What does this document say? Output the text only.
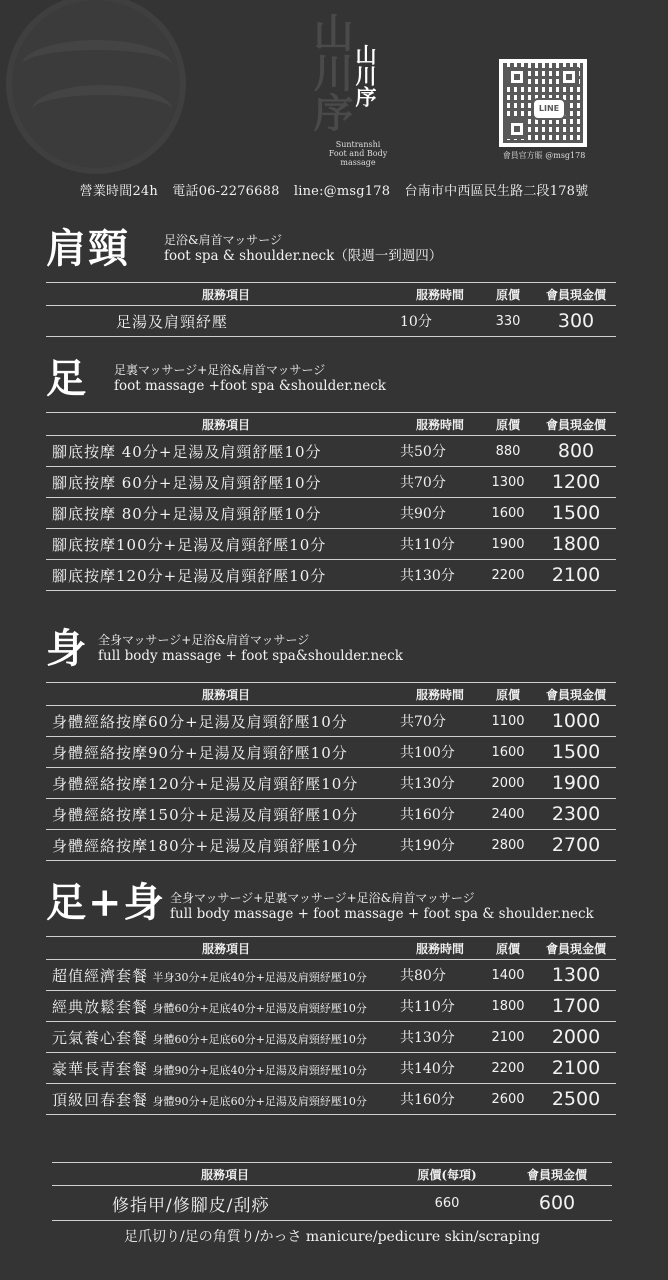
山川序 山川序
Suntranshi
Foot and Body massage
LINE
會員官方賬 @msg178
營業時間24h 電話06-2276688 line:@msg178 台南市中西區民生路二段178號
肩頸	足浴&肩首マッサージ
foot spa & shoulder.neck（限週一到週四）
服務項目	服務時間	原價	會員現金價
足湯及肩頸紓壓	10分	330	300
足 足裏マッサージ+足浴&肩首マッサージ
foot massage +foot spa &shoulder.neck
服務項目	服務時間	原價	會員現金價
腳底按摩 40分+足湯及肩頸舒壓10分	共50分	880	800
腳底按摩 60分+足湯及肩頸舒壓10分	共70分	1300	1200
腳底按摩 80分+足湯及肩頸舒壓10分	共90分	1600	1500
腳底按摩100分+足湯及肩頸舒壓10分	共110分	1900	1800
腳底按摩120分+足湯及肩頸舒壓10分	共130分	2200	2100
身 全身マッサージ+足浴&肩首マッサージ
full body massage + foot spa&shoulder.neck
服務項目	服務時間	原價	會員現金價
身體經絡按摩60分+足湯及肩頸舒壓10分	共70分	1100	1000
身體經絡按摩90分+足湯及肩頸舒壓10分	共100分	1600	1500
身體經絡按摩120分+足湯及肩頸舒壓10分	共130分	2000	1900
身體經絡按摩150分+足湯及肩頸舒壓10分	共160分	2400	2300
身體經絡按摩180分+足湯及肩頸舒壓10分	共190分	2800	2700
足+身 全身マッサージ+足裏マッサージ+足浴&肩首マッサージ
full body massage + foot massage + foot spa & shoulder.neck
服務項目	服務時間	原價	會員現金價
超值經濟套餐 半身30分+足底40分+足湯及肩頸紓壓10分	共80分	1400	1300
經典放鬆套餐 身體60分+足底40分+足湯及肩頸紓壓10分	共110分	1800	1700
元氣養心套餐 身體60分+足底60分+足湯及肩頸紓壓10分	共130分	2100	2000
豪華長青套餐 身體90分+足底40分+足湯及肩頸紓壓10分	共140分	2200	2100
頂級回春套餐 身體90分+足底60分+足湯及肩頸紓壓10分	共160分	2600	2500
服務項目	原價(每項)	會員現金價
修指甲/修腳皮/刮痧	660	600
足爪切り/足の角質り/かっさ manicure/pedicure skin/scraping
